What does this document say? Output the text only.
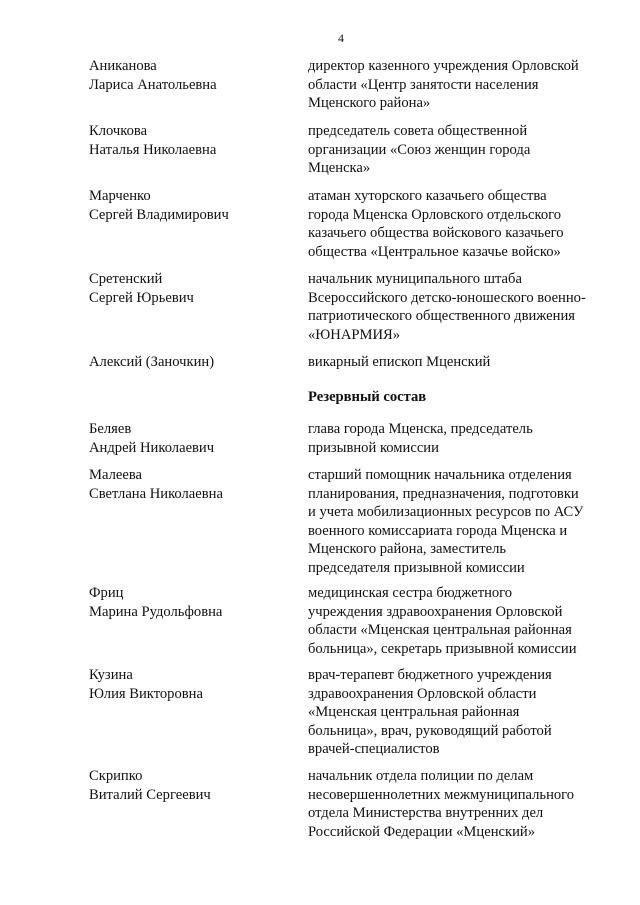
4
Аниканова
Лариса Анатольевна
директор казенного учреждения Орловской
области «Центр занятости населения
Мценского района»
Клочкова
Наталья Николаевна
председатель совета общественной
организации «Союз женщин города
Мценска»
Марченко
Сергей Владимирович
атаман хуторского казачьего общества
города Мценска Орловского отдельского
казачьего общества войскового казачьего
общества «Центральное казачье войско»
Сретенский
Сергей Юрьевич
начальник муниципального штаба
Всероссийского детско-юношеского военно-
патриотического общественного движения
«ЮНАРМИЯ»
Алексий (Заночкин)	викарный епископ Мценский
Резервный состав
Беляев
Андрей Николаевич
глава города Мценска, председатель
призывной комиссии
Малеева
Светлана Николаевна
старший помощник начальника отделения
планирования, предназначения, подготовки
и учета мобилизационных ресурсов по АСУ
военного комиссариата города Мценска и
Мценского района, заместитель
председателя призывной комиссии
Фриц
Марина Рудольфовна
медицинская сестра бюджетного
учреждения здравоохранения Орловской
области «Мценская центральная районная
больница», секретарь призывной комиссии
Кузина
Юлия Викторовна
врач-терапевт бюджетного учреждения
здравоохранения Орловской области
«Мценская центральная районная
больница», врач, руководящий работой
врачей-специалистов
Скрипко
Виталий Сергеевич
начальник отдела полиции по делам
несовершеннолетних межмуниципального
отдела Министерства внутренних дел
Российской Федерации «Мценский»
